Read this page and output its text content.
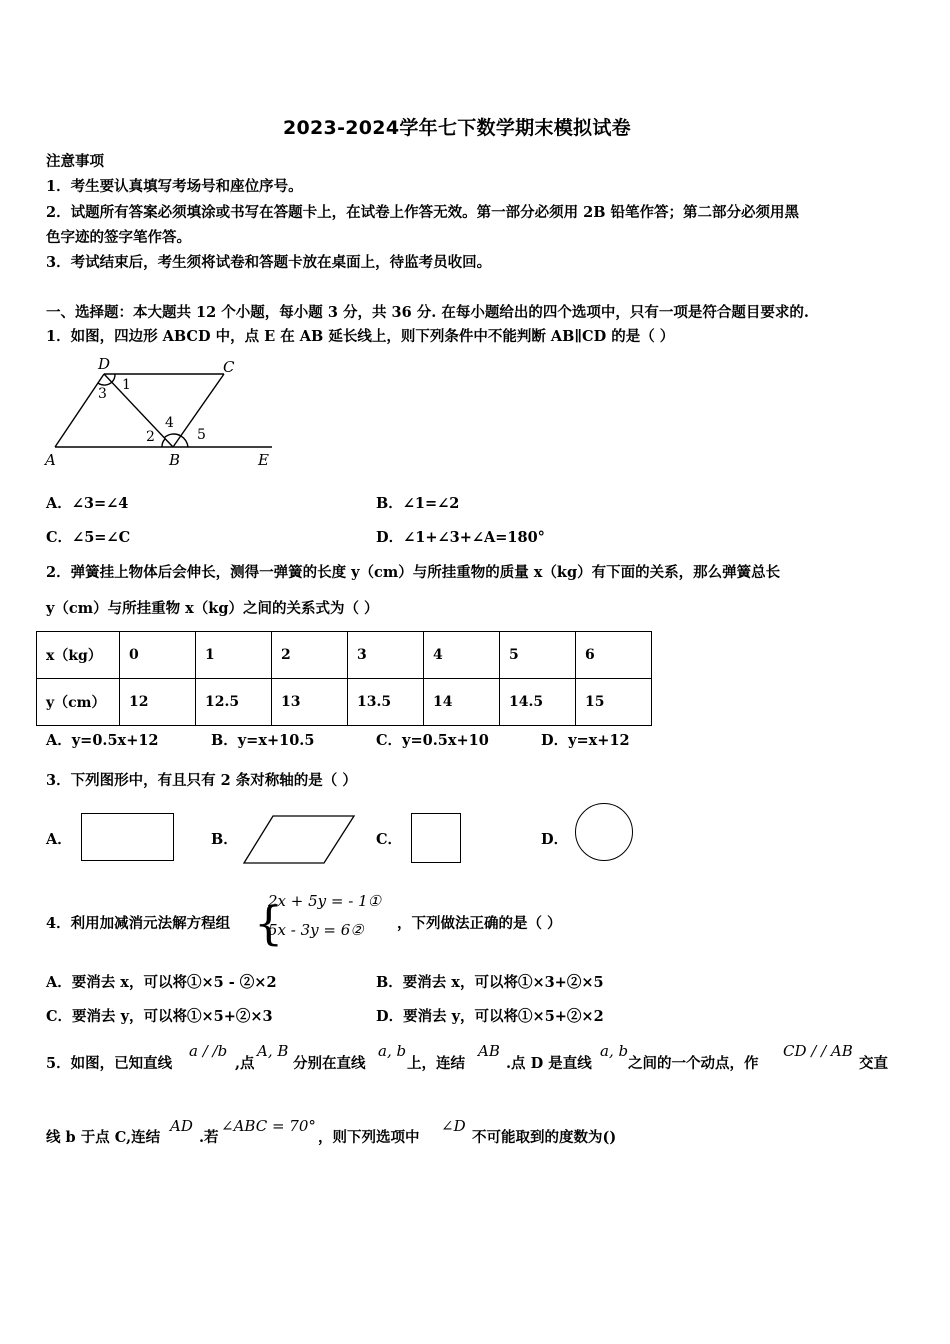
2023-2024学年七下数学期末模拟试卷
注意事项
1．考生要认真填写考场号和座位序号。
2．试题所有答案必须填涂或书写在答题卡上，在试卷上作答无效。第一部分必须用 2B 铅笔作答；第二部分必须用黑
色字迹的签字笔作答。
3．考试结束后，考生须将试卷和答题卡放在桌面上，待监考员收回。
一、选择题：本大题共 12 个小题，每小题 3 分，共 36 分. 在每小题给出的四个选项中，只有一项是符合题目要求的.
1．如图，四边形 ABCD 中，点 E 在 AB 延长线上，则下列条件中不能判断 AB∥CD 的是（ ）
D	C
A	B	E
1
3
4
2	5
A．∠3=∠4	B．∠1=∠2
C．∠5=∠C	D．∠1+∠3+∠A=180°
2．弹簧挂上物体后会伸长，测得一弹簧的长度 y（cm）与所挂重物的质量 x（kg）有下面的关系，那么弹簧总长
y（cm）与所挂重物 x（kg）之间的关系式为（ ）
x（kg）	0	1	2	3	4	5	6
y（cm）	12	12.5	13	13.5	14	14.5	15
A．y=0.5x+12	B．y=x+10.5	C．y=0.5x+10	D．y=x+12
3．下列图形中，有且只有 2 条对称轴的是（ ）
A．	B．	C．	D．
4．利用加减消元法解方程组 {
2x + 5y = - 1①
5x - 3y = 6② ，下列做法正确的是（ ）
A．要消去 x，可以将①×5 - ②×2	B．要消去 x，可以将①×3+②×5
C．要消去 y，可以将①×5+②×3	D．要消去 y，可以将①×5+②×2
5．如图，已知直线
a / /b
,点
A, B
分别在直线
a, b
上，连结
AB
.点 D 是直线
a, b
之间的一个动点，作
CD / / AB
交直
线 b 于点 C,连结
AD
.若
∠ABC = 70°
，则下列选项中
∠D
不可能取到的度数为()
